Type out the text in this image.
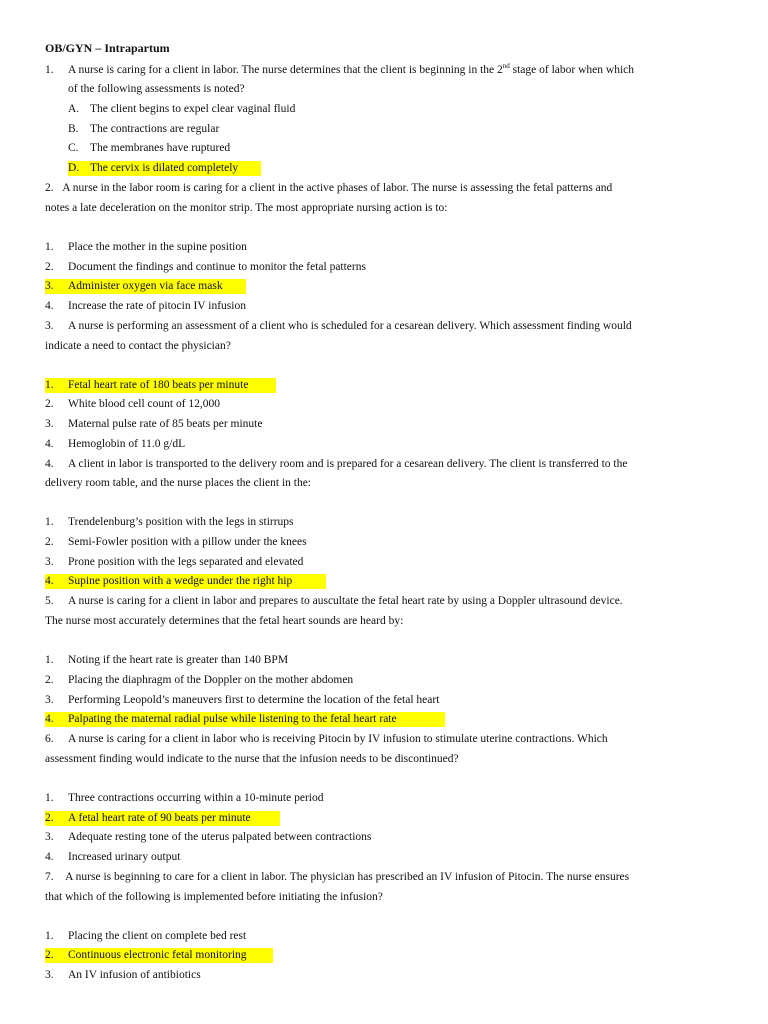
OB/GYN – Intrapartum
1. A nurse is caring for a client in labor. The nurse determines that the client is beginning in the 2nd stage of labor when which
of the following assessments is noted?
A. The client begins to expel clear vaginal fluid
B. The contractions are regular
C. The membranes have ruptured
D. The cervix is dilated completely
2.   A nurse in the labor room is caring for a client in the active phases of labor. The nurse is assessing the fetal patterns and
notes a late deceleration on the monitor strip. The most appropriate nursing action is to:
1. Place the mother in the supine position
2. Document the findings and continue to monitor the fetal patterns
3. Administer oxygen via face mask
4. Increase the rate of pitocin IV infusion
3.     A nurse is performing an assessment of a client who is scheduled for a cesarean delivery. Which assessment finding would
indicate a need to contact the physician?
1. Fetal heart rate of 180 beats per minute
2. White blood cell count of 12,000
3. Maternal pulse rate of 85 beats per minute
4. Hemoglobin of 11.0 g/dL
4.     A client in labor is transported to the delivery room and is prepared for a cesarean delivery. The client is transferred to the
delivery room table, and the nurse places the client in the:
1. Trendelenburg’s position with the legs in stirrups
2. Semi-Fowler position with a pillow under the knees
3. Prone position with the legs separated and elevated
4. Supine position with a wedge under the right hip
5.     A nurse is caring for a client in labor and prepares to auscultate the fetal heart rate by using a Doppler ultrasound device.
The nurse most accurately determines that the fetal heart sounds are heard by:
1. Noting if the heart rate is greater than 140 BPM
2. Placing the diaphragm of the Doppler on the mother abdomen
3. Performing Leopold’s maneuvers first to determine the location of the fetal heart
4. Palpating the maternal radial pulse while listening to the fetal heart rate
6.     A nurse is caring for a client in labor who is receiving Pitocin by IV infusion to stimulate uterine contractions. Which
assessment finding would indicate to the nurse that the infusion needs to be discontinued?
1. Three contractions occurring within a 10-minute period
2. A fetal heart rate of 90 beats per minute
3. Adequate resting tone of the uterus palpated between contractions
4. Increased urinary output
7.    A nurse is beginning to care for a client in labor. The physician has prescribed an IV infusion of Pitocin. The nurse ensures
that which of the following is implemented before initiating the infusion?
1. Placing the client on complete bed rest
2. Continuous electronic fetal monitoring
3. An IV infusion of antibiotics
